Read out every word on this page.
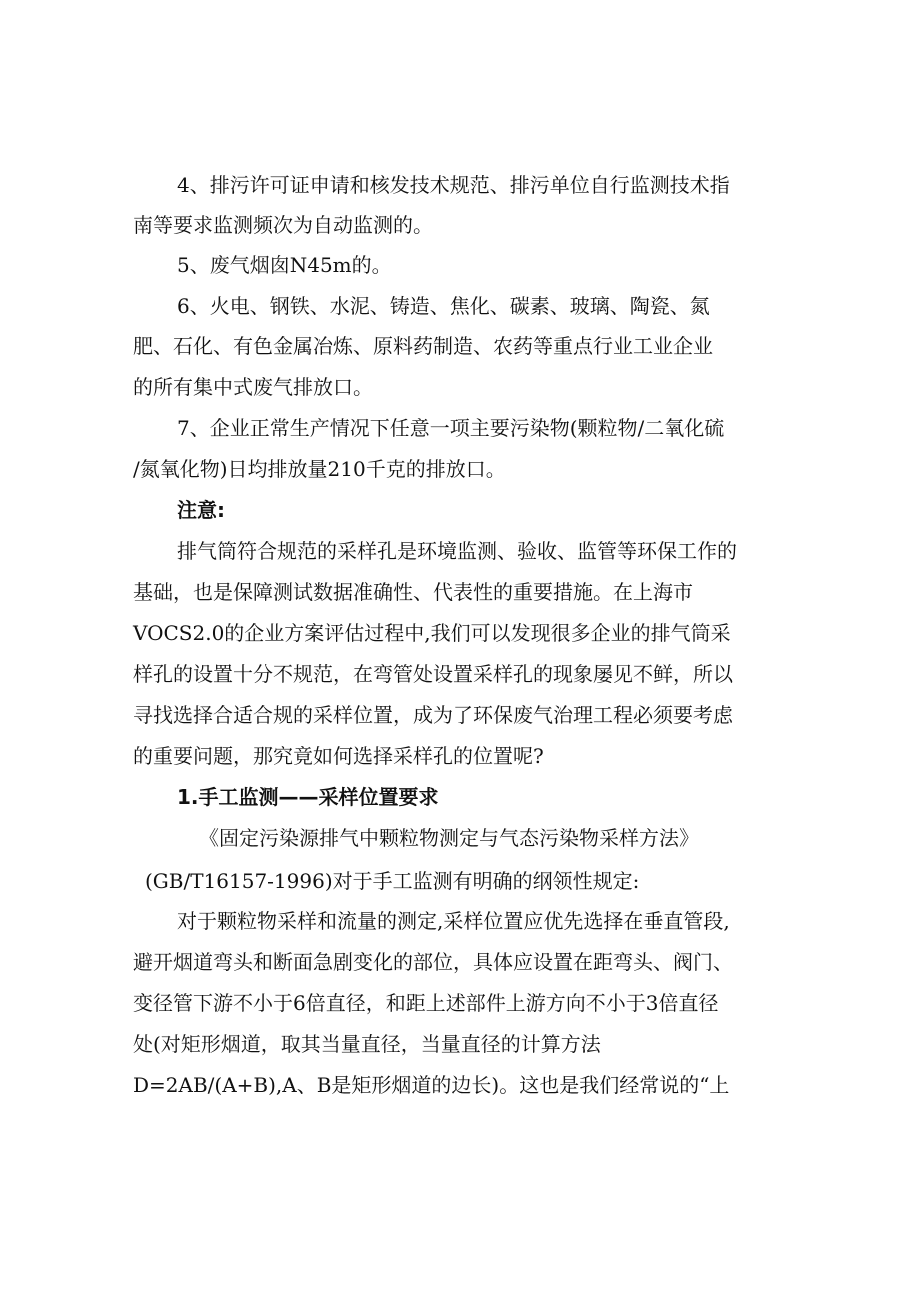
4、排污许可证申请和核发技术规范、排污单位自行监测技术指

南等要求监测频次为自动监测的。

5、废气烟囱N45m的。

6、火电、钢铁、水泥、铸造、焦化、碳素、玻璃、陶瓷、氮

肥、石化、有色金属冶炼、原料药制造、农药等重点行业工业企业

的所有集中式废气排放口。

7、企业正常生产情况下任意一项主要污染物(颗粒物/二氧化硫

/氮氧化物)日均排放量210千克的排放口。

注意:

排气筒符合规范的采样孔是环境监测、验收、监管等环保工作的

基础，也是保障测试数据准确性、代表性的重要措施。在上海市

VOCS2.0的企业方案评估过程中,我们可以发现很多企业的排气筒采

样孔的设置十分不规范，在弯管处设置采样孔的现象屡见不鲜，所以

寻找选择合适合规的采样位置，成为了环保废气治理工程必须要考虑

的重要问题，那究竟如何选择采样孔的位置呢?

1.手工监测——采样位置要求

《固定污染源排气中颗粒物测定与气态污染物采样方法》

(GB/T16157-1996)对于手工监测有明确的纲领性规定:

对于颗粒物采样和流量的测定,采样位置应优先选择在垂直管段,

避开烟道弯头和断面急剧变化的部位，具体应设置在距弯头、阀门、

变径管下游不小于6倍直径，和距上述部件上游方向不小于3倍直径

处(对矩形烟道，取其当量直径，当量直径的计算方法

D=2AB/(A+B),A、B是矩形烟道的边长)。这也是我们经常说的“上
